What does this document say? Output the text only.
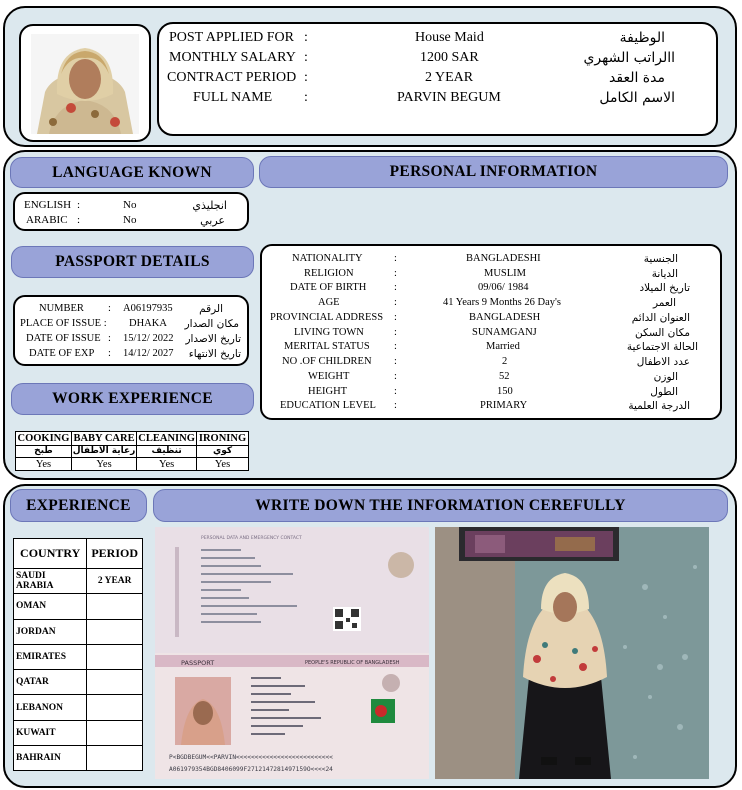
POST APPLIED FOR :	House Maid	الوظيفة
MONTHLY SALARY :	1200 SAR	االراتب الشهري
CONTRACT PERIOD :	2 YEAR	مدة العقد
FULL NAME :	PARVIN BEGUM	الاسم الكامل
LANGUAGE KNOWN	PERSONAL INFORMATION
ENGLISH :	No	انجليذي
ARABIC :	No	عربي
PASSPORT DETAILS
NUMBER : A06197935	الرقم
PLACE OF ISSUE : DHAKA مكان الصدار
DATE OF ISSUE : 15/12/ 2022 تاريخ الاصدار
DATE OF EXP : 14/12/ 2027 تاريخ الانتهاء
WORK EXPERIENCE
COOKING	BABY CARE	CLEANING	IRONING
طبخ	رعاية الاطفال	تنظيف	كوي
Yes	Yes	Yes	Yes
NATIONALITY	:	BANGLADESHI	الجنسية
RELIGION	:	MUSLIM	الديانة
DATE OF BIRTH	:	09/06/ 1984	تاريخ الميلاد
AGE	:	41 Years 9 Months 26 Day's	العمر
PROVINCIAL ADDRESS :	BANGLADESH	العنوان الدائم
LIVING TOWN	:	SUNAMGANJ	مكان السكن
MERITAL STATUS :	Married	الحالة الاجتماعية
NO .OF CHILDREN :	2	عدد الاطفال
WEIGHT	:	52	الوزن
HEIGHT	:	150	الطول
EDUCATION LEVEL :	PRIMARY	الدرجة العلمية
EXPERIENCE	WRITE DOWN THE INFORMATION CEREFULLY
COUNTRY	PERIOD
SAUDI ARABIA	2 YEAR
OMAN	
JORDAN	
EMIRATES	
QATAR	
LEBANON	
KUWAIT	
BAHRAIN	
PASSPORT	PEOPLE'S REPUBLIC OF BANGLADESH
PERSONAL DATA AND EMERGENCY CONTACT
P<BGDBEGUM<<PARVIN<<<<<<<<<<<<<<<<<<<<<<<<<<
A061979354BGD8406099F2712147281497159O<<<<24
